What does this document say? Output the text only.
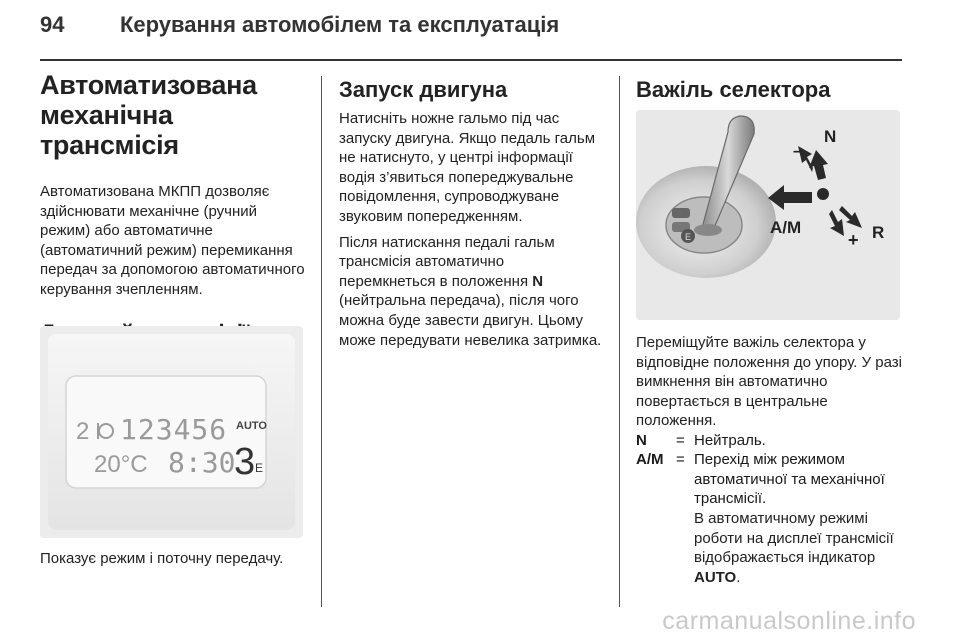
94	Керування автомобілем та експлуатація
Автоматизована механічна трансмісія

Автоматизована МКПП дозволяє здійснювати механічне (ручний режим) або автоматичне (автоматичний режим) перемикання передач за допомогою автоматичного керування зчепленням.

2 123456 AUTO
20°C 8:30
3 E

Показує режим і поточну передачу.

Запуск двигуна

Натисніть ножне гальмо під час запуску двигуна. Якщо педаль гальм не натиснуто, у центрі інформації водія з’явиться попереджувальне повідомлення, супроводжуване звуковим попередженням.

Після натискання педалі гальм трансмісія автоматично перемкнеться в положення N (нейтральна передача), після чого можна буде завести двигун. Цьому може передувати невелика затримка.

Важіль селектора
E
N
–
A/M
+ R

Переміщуйте важіль селектора у відповідне положення до упору. У разі вимкнення він автоматично повертається в центральне положення.

N = Нейтраль.
A/M = Перехід між режимом автоматичної та механічної трансмісії.

В автоматичному режимі роботи на дисплеї трансмісії відображається індикатор AUTO.

carmanualsonline.info
